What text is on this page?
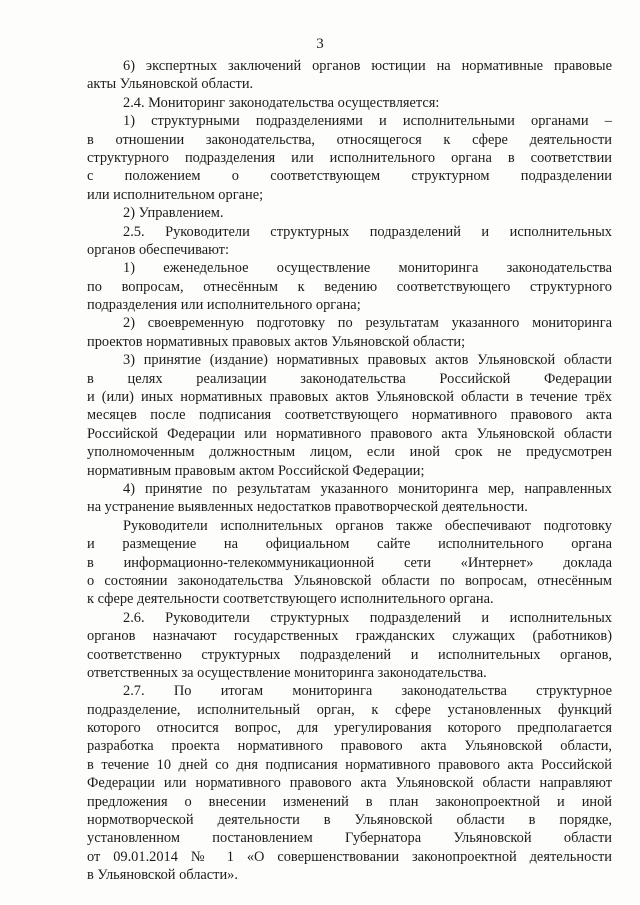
3
6) экспертных заключений органов юстиции на нормативные правовые
акты Ульяновской области.
2.4. Мониторинг законодательства осуществляется:
1) структурными подразделениями и исполнительными органами –
в отношении законодательства, относящегося к сфере деятельности
структурного подразделения или исполнительного органа в соответствии
с положением о соответствующем структурном подразделении
или исполнительном органе;
2) Управлением.
2.5. Руководители структурных подразделений и исполнительных
органов обеспечивают:
1) еженедельное осуществление мониторинга законодательства
по вопросам, отнесённым к ведению соответствующего структурного
подразделения или исполнительного органа;
2) своевременную подготовку по результатам указанного мониторинга
проектов нормативных правовых актов Ульяновской области;
3) принятие (издание) нормативных правовых актов Ульяновской области
в целях реализации законодательства Российской Федерации
и (или) иных нормативных правовых актов Ульяновской области в течение трёх
месяцев после подписания соответствующего нормативного правового акта
Российской Федерации или нормативного правового акта Ульяновской области
уполномоченным должностным лицом, если иной срок не предусмотрен
нормативным правовым актом Российской Федерации;
4) принятие по результатам указанного мониторинга мер, направленных
на устранение выявленных недостатков правотворческой деятельности.
Руководители исполнительных органов также обеспечивают подготовку
и размещение на официальном сайте исполнительного органа
в информационно-телекоммуникационной сети «Интернет» доклада
о состоянии законодательства Ульяновской области по вопросам, отнесённым
к сфере деятельности соответствующего исполнительного органа.
2.6. Руководители структурных подразделений и исполнительных
органов назначают государственных гражданских служащих (работников)
соответственно структурных подразделений и исполнительных органов,
ответственных за осуществление мониторинга законодательства.
2.7. По итогам мониторинга законодательства структурное
подразделение, исполнительный орган, к сфере установленных функций
которого относится вопрос, для урегулирования которого предполагается
разработка проекта нормативного правового акта Ульяновской области,
в течение 10 дней со дня подписания нормативного правового акта Российской
Федерации или нормативного правового акта Ульяновской области направляют
предложения о внесении изменений в план законопроектной и иной
нормотворческой деятельности в Ульяновской области в порядке,
установленном постановлением Губернатора Ульяновской области
от 09.01.2014 № 1 «О совершенствовании законопроектной деятельности
в Ульяновской области».
